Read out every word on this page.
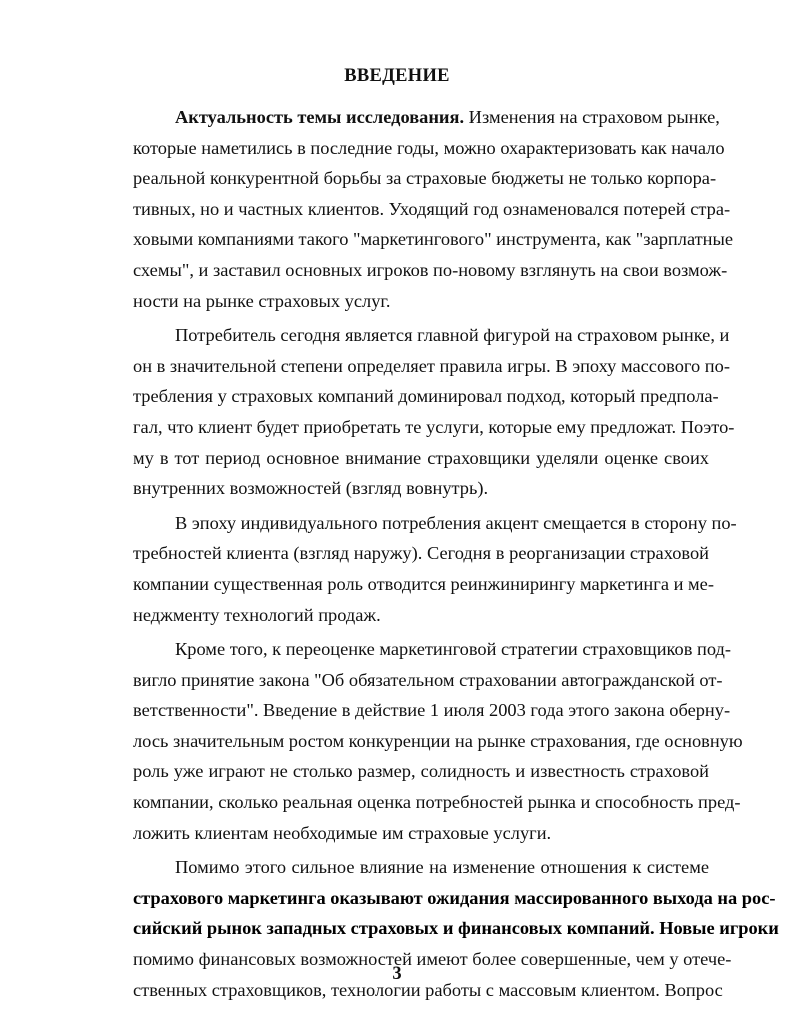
ВВЕДЕНИЕ

Актуальность темы исследования. Изменения на страховом рынке,
которые наметились в последние годы, можно охарактеризовать как начало
реальной конкурентной борьбы за страховые бюджеты не только корпора-
тивных, но и частных клиентов. Уходящий год ознаменовался потерей стра-
ховыми компаниями такого "маркетингового" инструмента, как "зарплатные
схемы", и заставил основных игроков по-новому взглянуть на свои возмож-
ности на рынке страховых услуг.

Потребитель сегодня является главной фигурой на страховом рынке, и
он в значительной степени определяет правила игры. В эпоху массового по-
требления у страховых компаний доминировал подход, который предпола-
гал, что клиент будет приобретать те услуги, которые ему предложат. Поэто-
му в тот период основное внимание страховщики уделяли оценке своих
внутренних возможностей (взгляд вовнутрь).

В эпоху индивидуального потребления акцент смещается в сторону по-
требностей клиента (взгляд наружу). Сегодня в реорганизации страховой
компании существенная роль отводится реинжинирингу маркетинга и ме-
неджменту технологий продаж.

Кроме того, к переоценке маркетинговой стратегии страховщиков под-
вигло принятие закона "Об обязательном страховании автогражданской от-
ветственности". Введение в действие 1 июля 2003 года этого закона оберну-
лось значительным ростом конкуренции на рынке страхования, где основную
роль уже играют не столько размер, солидность и известность страховой
компании, сколько реальная оценка потребностей рынка и способность пред-
ложить клиентам необходимые им страховые услуги.

Помимо этого сильное влияние на изменение отношения к системе
страхового маркетинга оказывают ожидания массированного выхода на рос-
сийский рынок западных страховых и финансовых компаний. Новые игроки
помимо финансовых возможностей имеют более совершенные, чем у отече-
ственных страховщиков, технологии работы с массовым клиентом. Вопрос

3
